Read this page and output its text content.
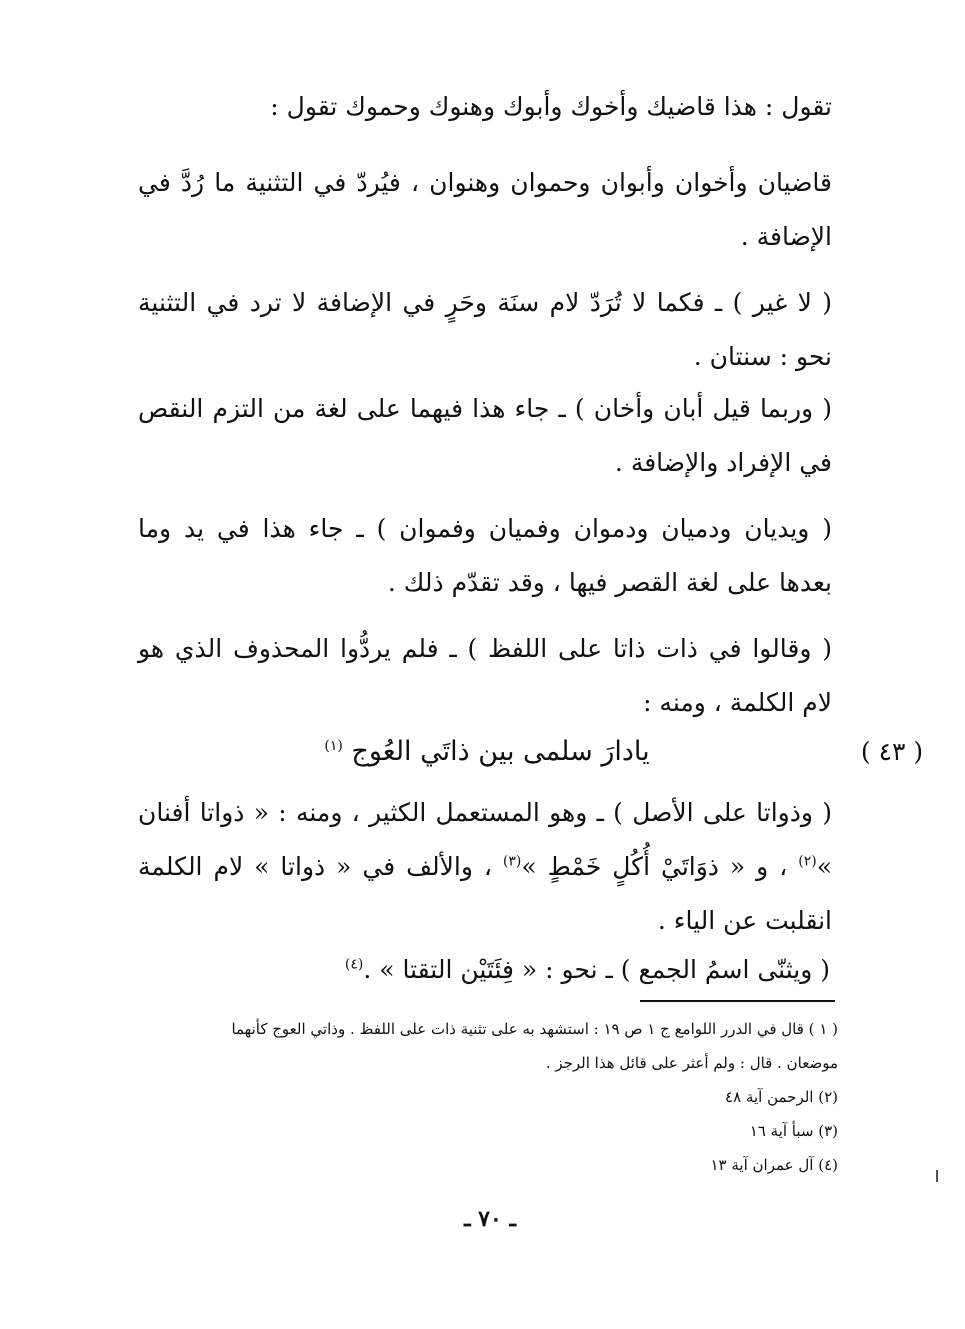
تقول : هذا قاضيك وأخوك وأبوك وهنوك وحموك تقول :

قاضيان وأخوان وأبوان وحموان وهنوان ، فيُردّ في التثنية ما رُدَّ في الإضافة .

( لا غير ) ـ فكما لا تُرَدّ لام سنَة وحَرٍ في الإضافة لا ترد في التثنية نحو : سنتان .

( وربما قيل أبان وأخان ) ـ جاء هذا فيهما على لغة من التزم النقص في الإفراد والإضافة .

( ويديان ودميان ودموان وفميان وفموان ) ـ جاء هذا في يد وما بعدها على لغة القصر فيها ، وقد تقدّم ذلك .

( وقالوا في ذات ذاتا على اللفظ ) ـ فلم يردُّوا المحذوف الذي هو لام الكلمة ، ومنه :

يادارَ سلمى بين ذاتَي العُوج $^{(١)}$	( ٤٣ )

( وذواتا على الأصل ) ـ وهو المستعمل الكثير ، ومنه : « ذواتا أفنان »$^{(٢)}$ ، و « ذوَاتَيْ أُكُلٍ خَمْطٍ »$^{(٣)}$ ، والألف في « ذواتا » لام الكلمة انقلبت عن الياء .

( ويثنّى اسمُ الجمع ) ـ نحو : « فِئَتَيْن التقتا » .$^{(٤)}$

( ١ ) قال في الدرر اللوامع ج ١ ص ١٩ : استشهد به على تثنية ذات على اللفظ . وذاتي العوج كأنهما
موضعان . قال : ولم أعثر على قائل هذا الرجز .
(٢) الرحمن آية ٤٨
(٣) سبأ آية ١٦
(٤) آل عمران آية ١٣

ـ ٧٠ ـ
